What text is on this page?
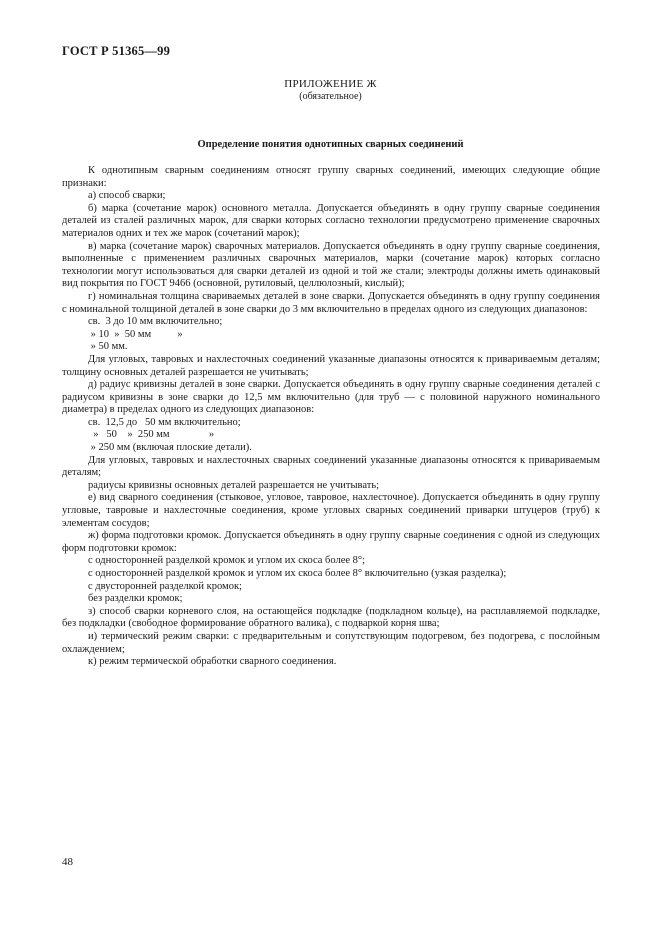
ГОСТ Р 51365—99
ПРИЛОЖЕНИЕ Ж
(обязательное)
Определение понятия однотипных сварных соединений

К однотипным сварным соединениям относят группу сварных соединений, имеющих следующие общие признаки:

а) способ сварки;

б) марка (сочетание марок) основного металла. Допускается объединять в одну группу сварные соединения деталей из сталей различных марок, для сварки которых согласно технологии предусмотрено применение сварочных материалов одних и тех же марок (сочетаний марок);

в) марка (сочетание марок) сварочных материалов. Допускается объединять в одну группу сварные соединения, выполненные с применением различных сварочных материалов, марки (сочетание марок) которых согласно технологии могут использоваться для сварки деталей из одной и той же стали; электроды должны иметь одинаковый вид покрытия по ГОСТ 9466 (основной, рутиловый, целлюлозный, кислый);

г) номинальная толщина свариваемых деталей в зоне сварки. Допускается объединять в одну группу соединения с номинальной толщиной деталей в зоне сварки до 3 мм включительно в пределах одного из следующих диапазонов:

св.  3 до 10 мм включительно;

» 10  »  50 мм          »

» 50 мм.

Для угловых, тавровых и нахлесточных соединений указанные диапазоны относятся к привариваемым деталям; толщину основных деталей разрешается не учитывать;

д) радиус кривизны деталей в зоне сварки. Допускается объединять в одну группу сварные соединения деталей с радиусом кривизны в зоне сварки до 12,5 мм включительно (для труб — с половиной наружного номинального диаметра) в пределах одного из следующих диапазонов:

св.  12,5 до   50 мм включительно;

»   50    »  250 мм               »

» 250 мм (включая плоские детали).

Для угловых, тавровых и нахлесточных сварных соединений указанные диапазоны относятся к привариваемым деталям;

радиусы кривизны основных деталей разрешается не учитывать;

е) вид сварного соединения (стыковое, угловое, тавровое, нахлесточное). Допускается объединять в одну группу угловые, тавровые и нахлесточные соединения, кроме угловых сварных соединений приварки штуцеров (труб) к элементам сосудов;

ж) форма подготовки кромок. Допускается объединять в одну группу сварные соединения с одной из следующих форм подготовки кромок:

с односторонней разделкой кромок и углом их скоса более 8°;

с односторонней разделкой кромок и углом их скоса более 8° включительно (узкая разделка);

с двусторонней разделкой кромок;

без разделки кромок;

з) способ сварки корневого слоя, на остающейся подкладке (подкладном кольце), на расплавляемой подкладке, без подкладки (свободное формирование обратного валика), с подваркой корня шва;

и) термический режим сварки: с предварительным и сопутствующим подогревом, без подогрева, с послойным охлаждением;

к) режим термической обработки сварного соединения.

48
